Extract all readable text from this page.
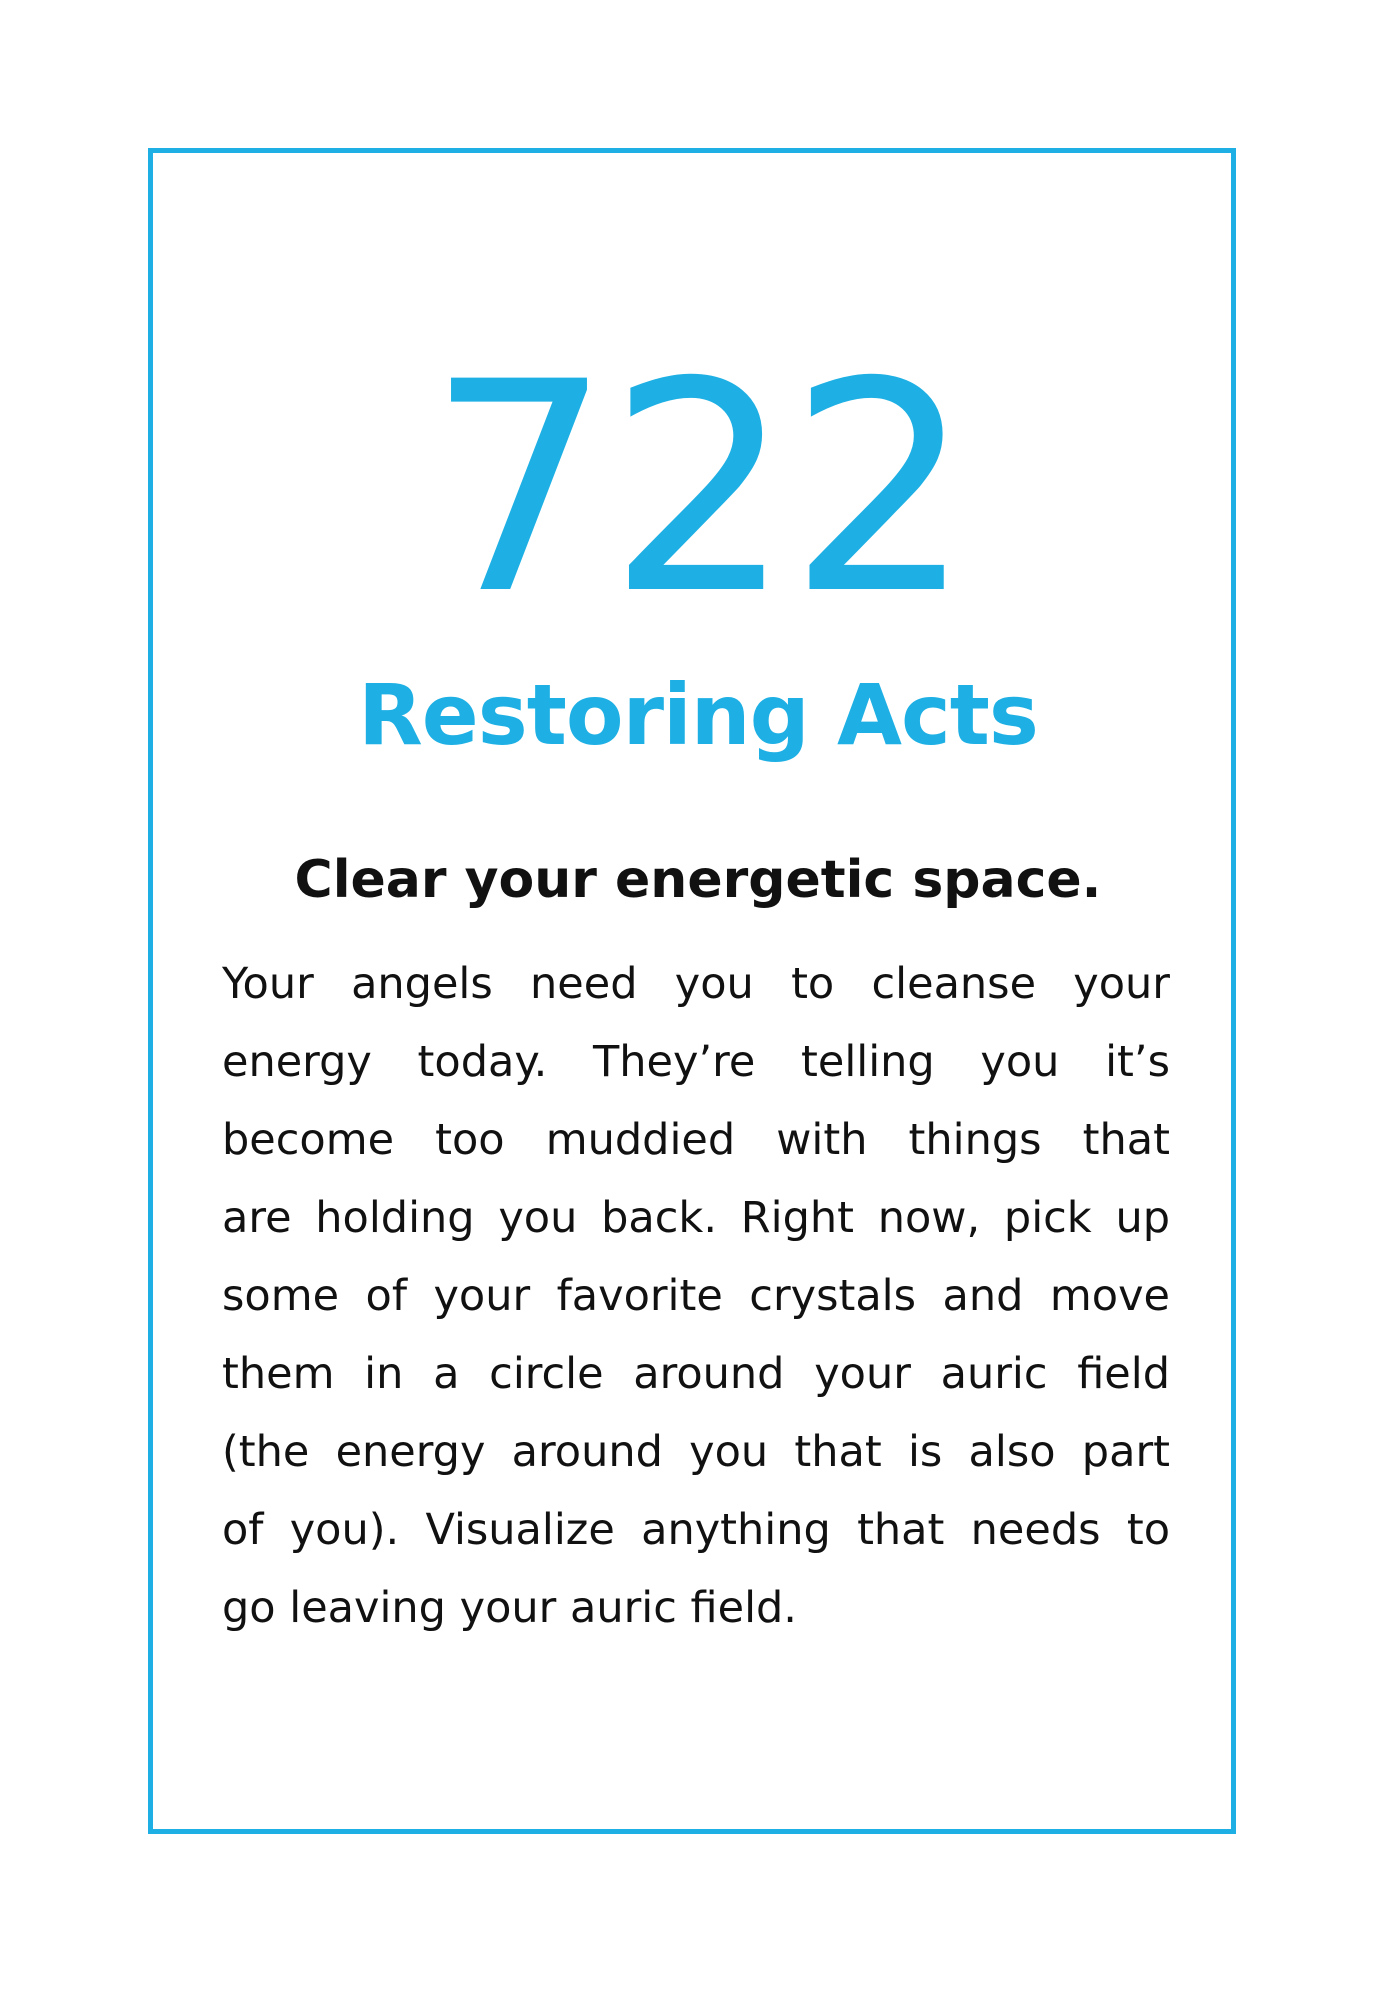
722
Restoring Acts
Clear your energetic space.
Your angels need you to cleanse your
energy today. They’re telling you it’s
become too muddied with things that
are holding you back. Right now, pick up
some of your favorite crystals and move
them in a circle around your auric field
(the energy around you that is also part
of you). Visualize anything that needs to
go leaving your auric field.
